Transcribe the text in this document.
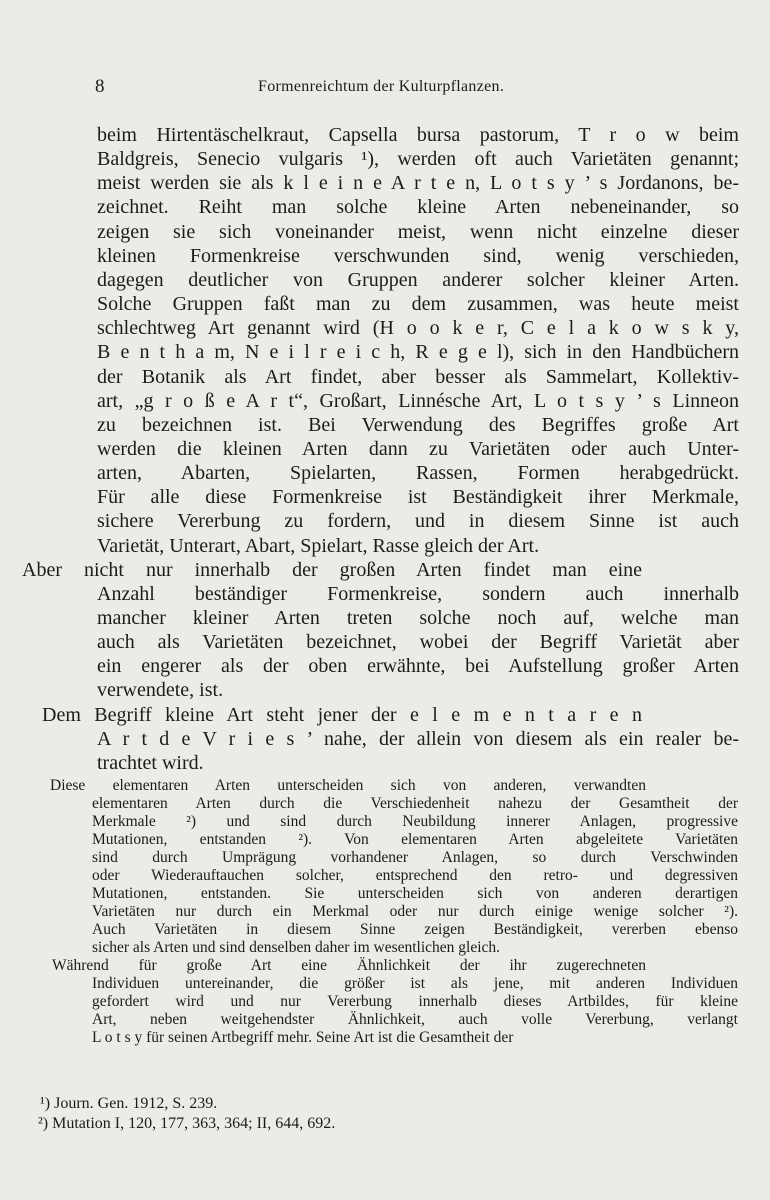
8	Formenreichtum der Kulturpflanzen.
beim Hirtentäschelkraut, Capsella bursa pastorum, T r o w beim
Baldgreis, Senecio vulgaris ¹), werden oft auch Varietäten genannt;
meist werden sie als k l e i n e A r t e n, L o t s y ’ s Jordanons, be-
zeichnet. Reiht man solche kleine Arten nebeneinander, so
zeigen sie sich voneinander meist, wenn nicht einzelne dieser
kleinen Formenkreise verschwunden sind, wenig verschieden,
dagegen deutlicher von Gruppen anderer solcher kleiner Arten.
Solche Gruppen faßt man zu dem zusammen, was heute meist
schlechtweg Art genannt wird (H o o k e r, C e l a k o w s k y,
B e n t h a m, N e i l r e i c h, R e g e l), sich in den Handbüchern
der Botanik als Art findet, aber besser als Sammelart, Kollektiv-
art, „g r o ß e A r t“, Großart, Linnésche Art, L o t s y ’ s Linneon
zu bezeichnen ist. Bei Verwendung des Begriffes große Art
werden die kleinen Arten dann zu Varietäten oder auch Unter-
arten, Abarten, Spielarten, Rassen, Formen herabgedrückt.
Für alle diese Formenkreise ist Beständigkeit ihrer Merkmale,
sichere Vererbung zu fordern, und in diesem Sinne ist auch
Varietät, Unterart, Abart, Spielart, Rasse gleich der Art.
Aber nicht nur innerhalb der großen Arten findet man eine
Anzahl beständiger Formenkreise, sondern auch innerhalb
mancher kleiner Arten treten solche noch auf, welche man
auch als Varietäten bezeichnet, wobei der Begriff Varietät aber
ein engerer als der oben erwähnte, bei Aufstellung großer Arten
verwendete, ist.
Dem Begriff kleine Art steht jener der e l e m e n t a r e n
A r t d e V r i e s ’ nahe, der allein von diesem als ein realer be-
trachtet wird.
Diese elementaren Arten unterscheiden sich von anderen, verwandten
elementaren Arten durch die Verschiedenheit nahezu der Gesamtheit der
Merkmale ²) und sind durch Neubildung innerer Anlagen, progressive
Mutationen, entstanden ²). Von elementaren Arten abgeleitete Varietäten
sind durch Umprägung vorhandener Anlagen, so durch Verschwinden
oder Wiederauftauchen solcher, entsprechend den retro- und degressiven
Mutationen, entstanden. Sie unterscheiden sich von anderen derartigen
Varietäten nur durch ein Merkmal oder nur durch einige wenige solcher ²).
Auch Varietäten in diesem Sinne zeigen Beständigkeit, vererben ebenso
sicher als Arten und sind denselben daher im wesentlichen gleich.
Während für große Art eine Ähnlichkeit der ihr zugerechneten
Individuen untereinander, die größer ist als jene, mit anderen Individuen
gefordert wird und nur Vererbung innerhalb dieses Artbildes, für kleine
Art, neben weitgehendster Ähnlichkeit, auch volle Vererbung, verlangt
L o t s y für seinen Artbegriff mehr. Seine Art ist die Gesamtheit der
¹) Journ. Gen. 1912, S. 239.
²) Mutation I, 120, 177, 363, 364; II, 644, 692.
